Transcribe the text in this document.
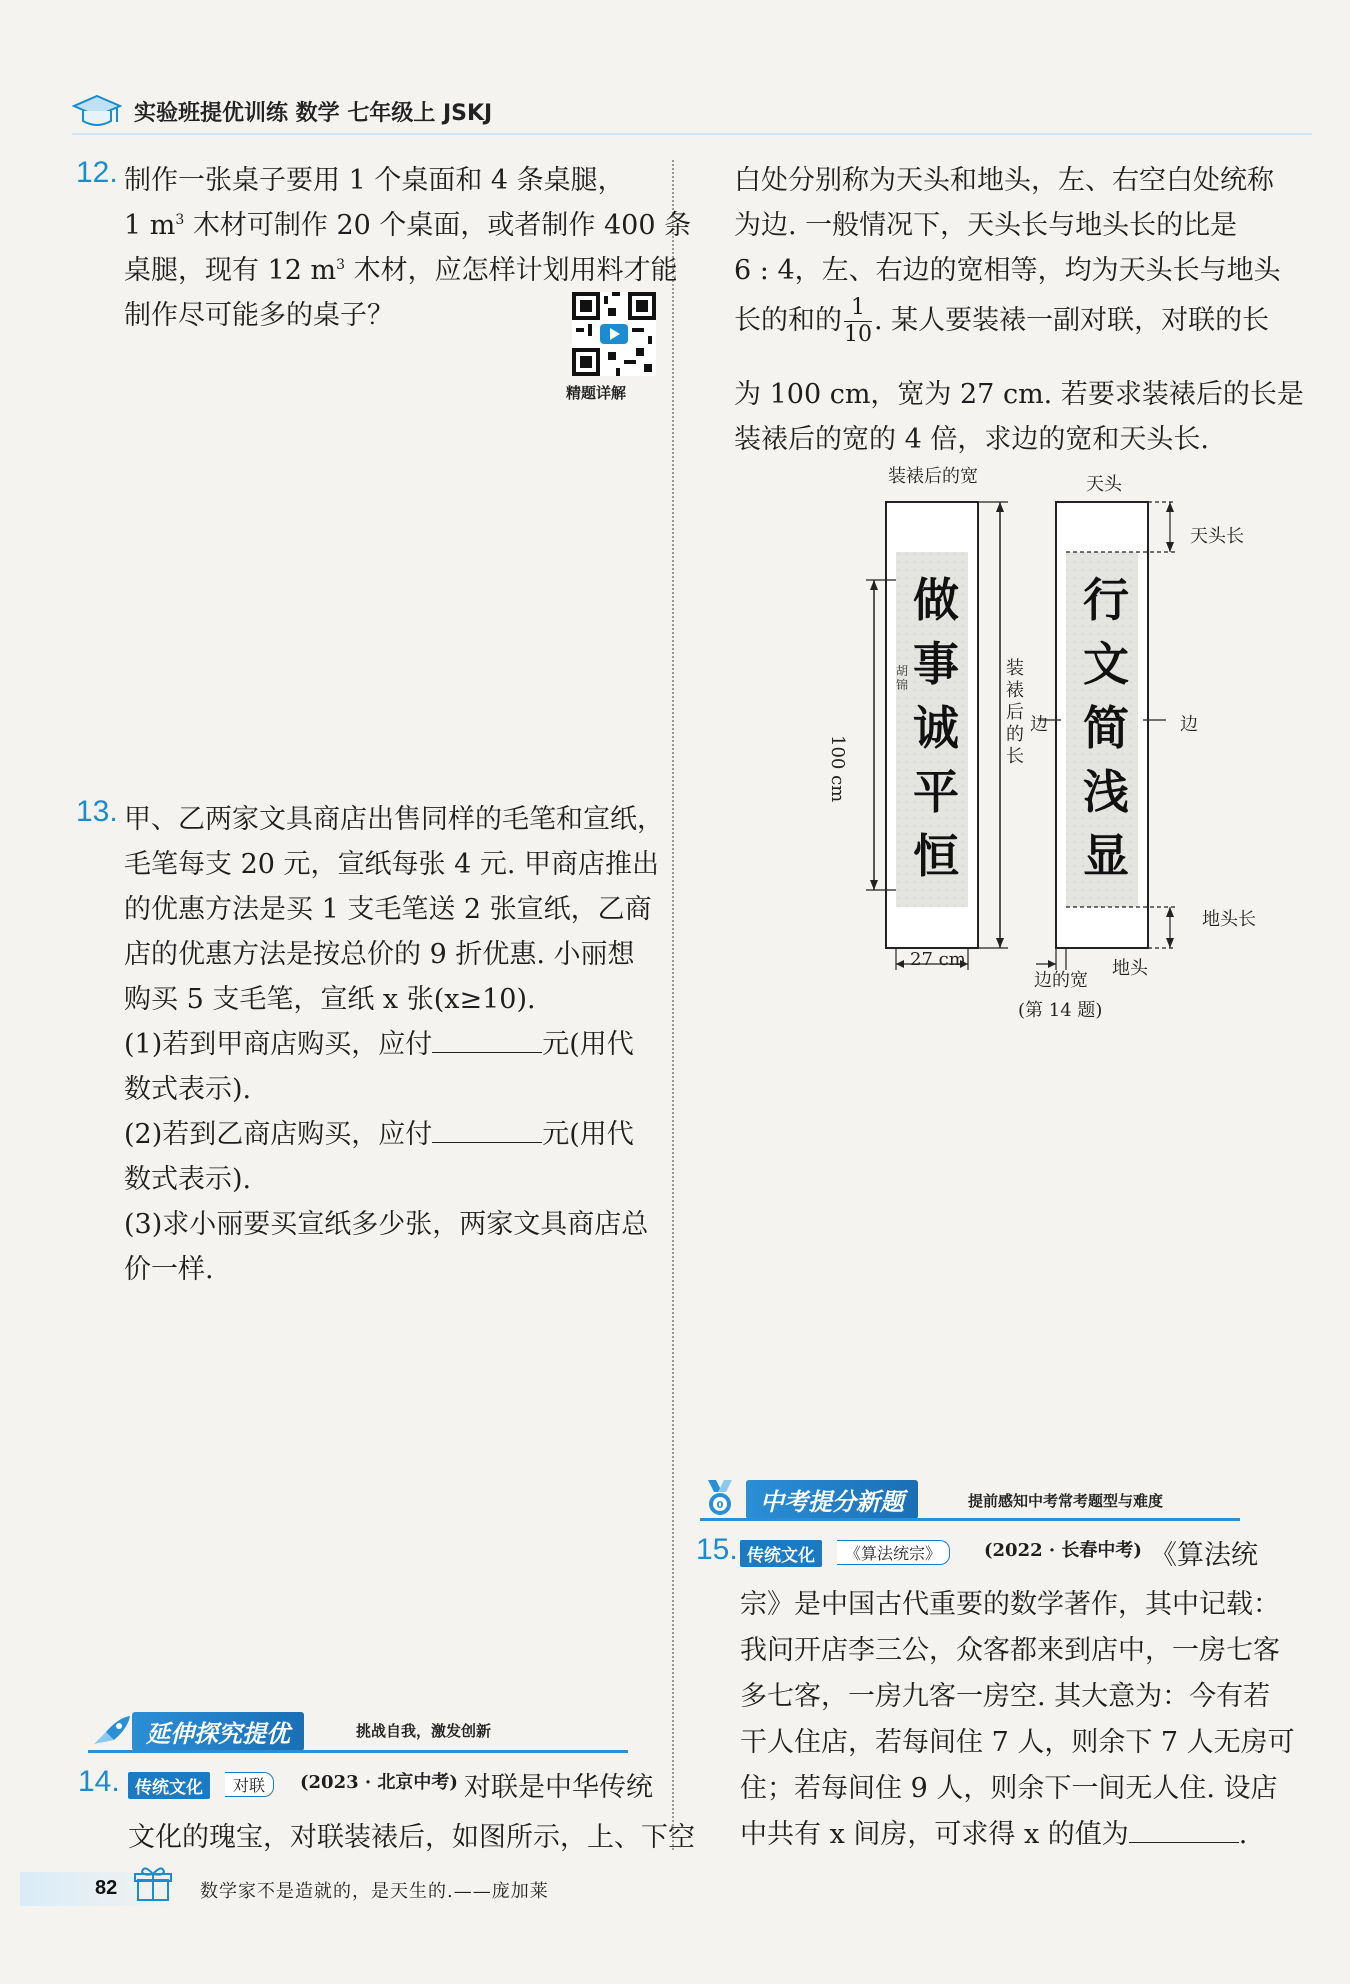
实验班提优训练 数学 七年级上 JSKJ
12. 制作一张桌子要用 1 个桌面和 4 条桌腿，
1 $m^3$ 木材可制作 20 个桌面，或者制作 400 条
桌腿，现有 12 $m^3$ 木材，应怎样计划用料才能
制作尽可能多的桌子？
精题详解
13. 甲、乙两家文具商店出售同样的毛笔和宣纸，
毛笔每支 20 元，宣纸每张 4 元. 甲商店推出
的优惠方法是买 1 支毛笔送 2 张宣纸，乙商
店的优惠方法是按总价的 9 折优惠. 小丽想
购买 5 支毛笔，宣纸 x 张(x≥10).
(1)若到甲商店购买，应付	元(用代
数式表示).
(2)若到乙商店购买，应付	元(用代
数式表示).
(3)求小丽要买宣纸多少张，两家文具商店总
价一样.
延伸探究提优	挑战自我，激发创新
14. 传统文化	对联	(2023 · 北京中考) 对联是中华传统
文化的瑰宝，对联装裱后，如图所示，上、下空
白处分别称为天头和地头，左、右空白处统称
为边. 一般情况下，天头长与地头长的比是
6 : 4，左、右边的宽相等，均为天头长与地头
长的和的 $\frac{1}{10}$ . 某人要装裱一副对联，对联的长
为 100 cm，宽为 27 cm. 若要求装裱后的长是
装裱后的宽的 4 倍，求边的宽和天头长.
装裱后的宽	天头
天头长
100 cm
装裱后的长
边	边
地头长
27 cm
边的宽
地头
(第 14 题)
做
事
诚
平
恒
胡锦
行
文
简
浅
显
0	中考提分新题	提前感知中考常考题型与难度
15. 传统文化	《算法统宗》	(2022 · 长春中考) 《算法统
宗》是中国古代重要的数学著作，其中记载：
我问开店李三公，众客都来到店中，一房七客
多七客，一房九客一房空. 其大意为：今有若
干人住店，若每间住 7 人，则余下 7 人无房可
住；若每间住 9 人，则余下一间无人住. 设店
中共有 x 间房，可求得 x 的值为	.
82	数学家不是造就的，是天生的.——庞加莱
